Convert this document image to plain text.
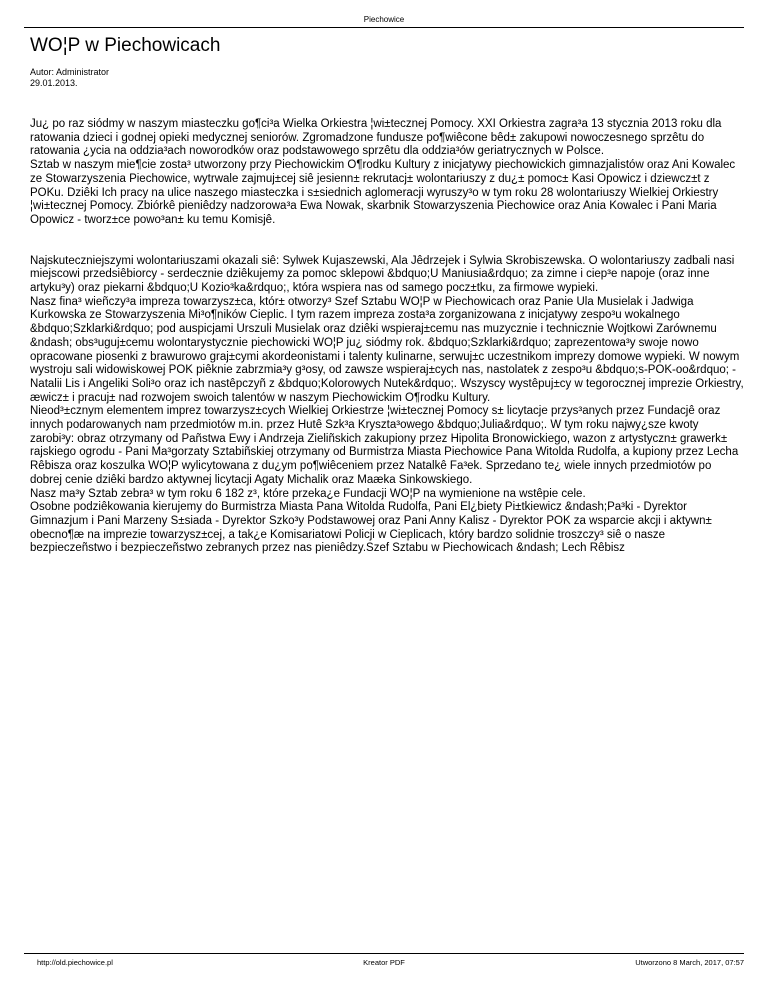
Piechowice
WO¦P w Piechowicach
Autor: Administrator
29.01.2013.

Ju¿ po raz siódmy w naszym miasteczku go¶ci³a Wielka Orkiestra ¦wi±tecznej Pomocy. XXI Orkiestra zagra³a 13 stycznia 2013 roku dla ratowania dzieci i godnej opieki medycznej seniorów. Zgromadzone fundusze po¶wiêcone bêd± zakupowi nowoczesnego sprzêtu do ratowania ¿ycia na oddzia³ach noworodków oraz podstawowego sprzêtu dla oddzia³ów geriatrycznych w Polsce.

Sztab w naszym mie¶cie zosta³ utworzony przy Piechowickim O¶rodku Kultury z inicjatywy piechowickich gimnazjalistów oraz Ani Kowalec ze Stowarzyszenia Piechowice, wytrwale zajmuj±cej siê jesienn± rekrutacj± wolontariuszy z du¿± pomoc± Kasi Opowicz i dziewcz±t z POKu. Dziêki Ich pracy na ulice naszego miasteczka i s±siednich aglomeracji wyruszy³o w tym roku 28 wolontariuszy Wielkiej Orkiestry ¦wi±tecznej Pomocy. Zbiórkê pieniêdzy nadzorowa³a Ewa Nowak, skarbnik Stowarzyszenia Piechowice oraz Ania Kowalec i Pani Maria Opowicz - tworz±ce powo³an± ku temu Komisjê.

Najskuteczniejszymi wolontariuszami okazali siê: Sylwek Kujaszewski, Ala Jêdrzejek i Sylwia Skrobiszewska. O wolontariuszy zadbali nasi miejscowi przedsiêbiorcy - serdecznie dziêkujemy za pomoc sklepowi &bdquo;U Maniusia&rdquo; za zimne i ciep³e napoje (oraz inne artyku³y) oraz piekarni &bdquo;U Kozio³ka&rdquo;, która wspiera nas od samego pocz±tku, za firmowe wypieki.

Nasz fina³ wieñczy³a impreza towarzysz±ca, któr± otworzy³ Szef Sztabu WO¦P w Piechowicach oraz Panie Ula Musielak i Jadwiga Kurkowska ze Stowarzyszenia Mi³o¶ników Cieplic. I tym razem impreza zosta³a zorganizowana z inicjatywy zespo³u wokalnego &bdquo;Szklarki&rdquo; pod auspicjami Urszuli Musielak oraz dziêki wspieraj±cemu nas muzycznie i technicznie Wojtkowi Zarównemu &ndash; obs³uguj±cemu wolontarystycznie piechowicki WO¦P ju¿ siódmy rok. &bdquo;Szklarki&rdquo; zaprezentowa³y swoje nowo opracowane piosenki z brawurowo graj±cymi akordeonistami i talenty kulinarne, serwuj±c uczestnikom imprezy domowe wypieki. W nowym wystroju sali widowiskowej POK piêknie zabrzmia³y g³osy, od zawsze wspieraj±cych nas, nastolatek z zespo³u &bdquo;s-POK-oo&rdquo; - Natalii Lis i Angeliki Soli³o oraz ich nastêpczyñ z &bdquo;Kolorowych Nutek&rdquo;. Wszyscy wystêpuj±cy w tegorocznej imprezie Orkiestry, æwicz± i pracuj± nad rozwojem swoich talentów w naszym Piechowickim O¶rodku Kultury.

Nieod³±cznym elementem imprez towarzysz±cych Wielkiej Orkiestrze ¦wi±tecznej Pomocy s± licytacje przys³anych przez Fundacjê oraz innych podarowanych nam przedmiotów m.in. przez Hutê Szk³a Kryszta³owego &bdquo;Julia&rdquo;. W tym roku najwy¿sze kwoty zarobi³y: obraz otrzymany od Pañstwa Ewy i Andrzeja Zieliñskich zakupiony przez Hipolita Bronowickiego, wazon z artystyczn± grawerk± rajskiego ogrodu - Pani Ma³gorzaty Sztabiñskiej otrzymany od Burmistrza Miasta Piechowice Pana Witolda Rudolfa, a kupiony przez Lecha Rêbisza oraz koszulka WO¦P wylicytowana z du¿ym po¶wiêceniem przez Natalkê Fa³ek. Sprzedano te¿ wiele innych przedmiotów po dobrej cenie dziêki bardzo aktywnej licytacji Agaty Michalik oraz Maæka Sinkowskiego.

Nasz ma³y Sztab zebra³ w tym roku 6 182 z³, które przeka¿e Fundacji WO¦P na wymienione na wstêpie cele.

Osobne podziêkowania kierujemy do Burmistrza Miasta Pana Witolda Rudolfa, Pani El¿biety Pi±tkiewicz &ndash;Pa³ki - Dyrektor Gimnazjum i Pani Marzeny S±siada - Dyrektor Szko³y Podstawowej oraz Pani Anny Kalisz - Dyrektor POK za wsparcie akcji i aktywn± obecno¶æ na imprezie towarzysz±cej, a tak¿e Komisariatowi Policji w Cieplicach, który bardzo solidnie troszczy³ siê o nasze bezpieczeñstwo i bezpieczeñstwo zebranych przez nas pieniêdzy.Szef Sztabu w Piechowicach &ndash; Lech Rêbisz

http://old.piechowice.pl	Kreator PDF	Utworzono 8 March, 2017, 07:57
